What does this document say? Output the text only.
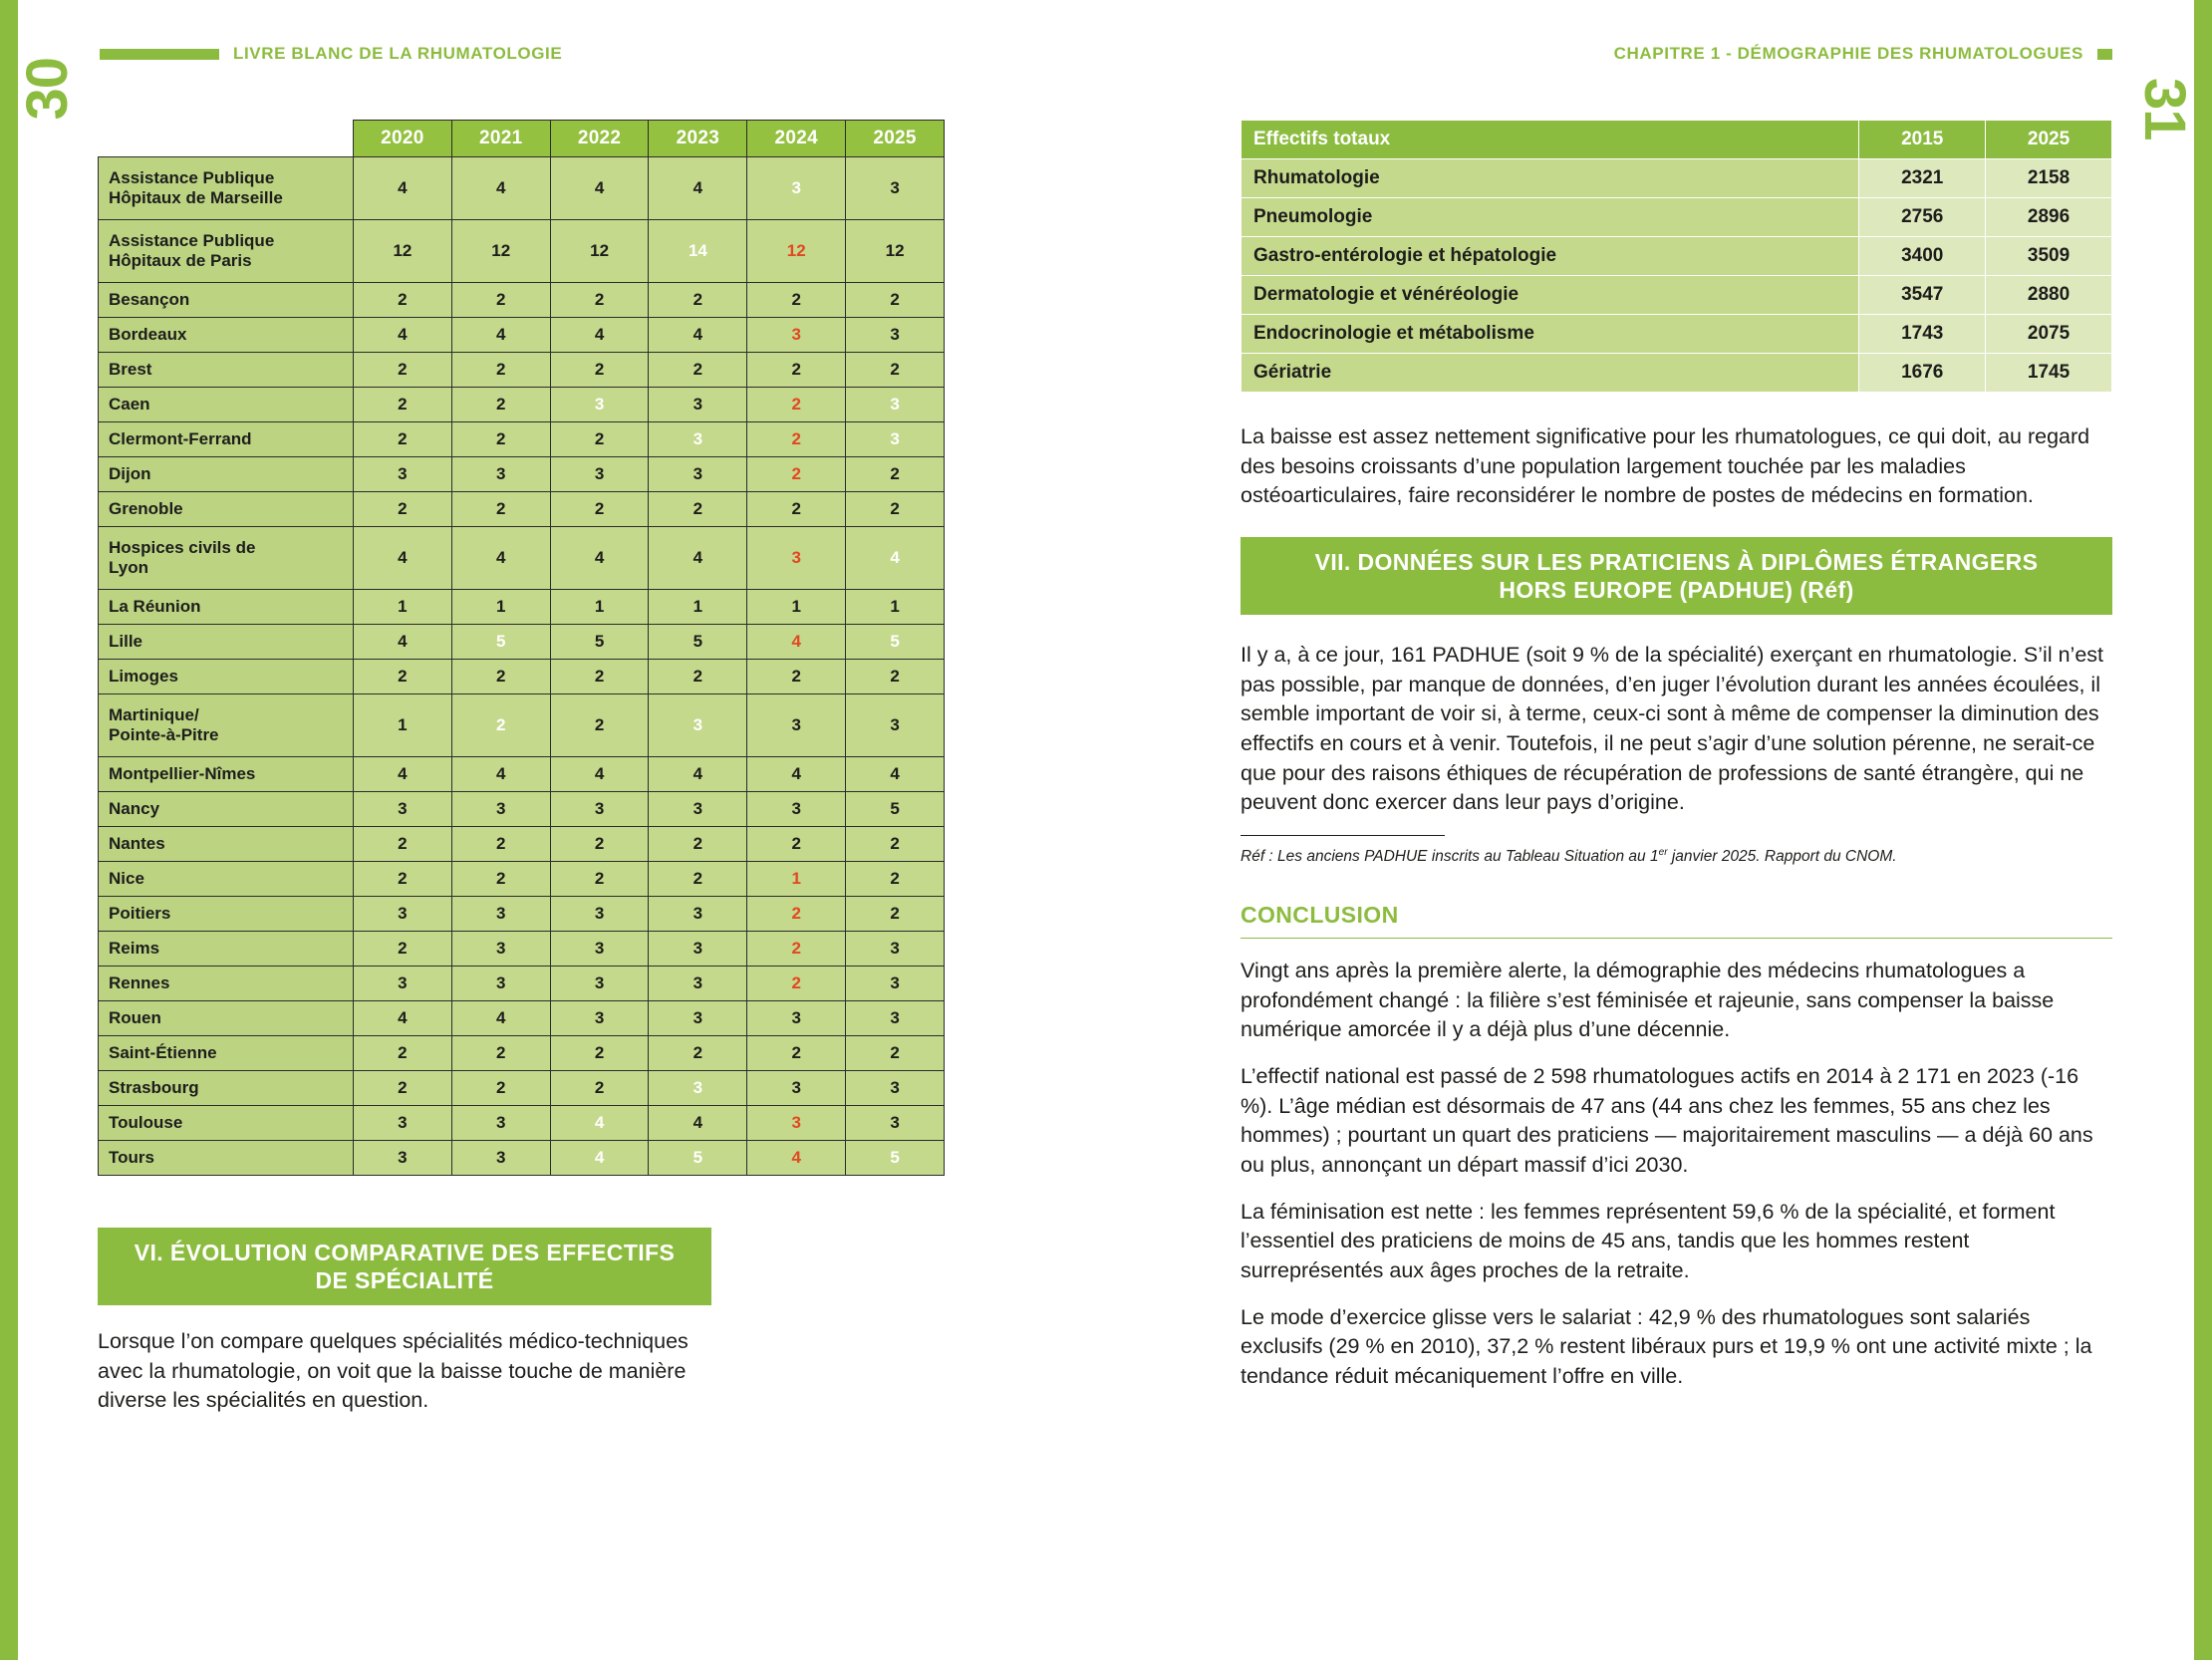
30	31
LIVRE BLANC DE LA RHUMATOLOGIE	CHAPITRE 1 - DÉMOGRAPHIE DES RHUMATOLOGUES
	2020	2021	2022	2023	2024	2025
Assistance Publique
Hôpitaux de Marseille	4	4	4	4	3	3
Assistance Publique
Hôpitaux de Paris	12	12	12	14	12	12
Besançon	2	2	2	2	2	2
Bordeaux	4	4	4	4	3	3
Brest	2	2	2	2	2	2
Caen	2	2	3	3	2	3
Clermont-Ferrand	2	2	2	3	2	3
Dijon	3	3	3	3	2	2
Grenoble	2	2	2	2	2	2
Hospices civils de
Lyon	4	4	4	4	3	4
La Réunion	1	1	1	1	1	1
Lille	4	5	5	5	4	5
Limoges	2	2	2	2	2	2
Martinique/
Pointe-à-Pitre	1	2	2	3	3	3
Montpellier-Nîmes	4	4	4	4	4	4
Nancy	3	3	3	3	3	5
Nantes	2	2	2	2	2	2
Nice	2	2	2	2	1	2
Poitiers	3	3	3	3	2	2
Reims	2	3	3	3	2	3
Rennes	3	3	3	3	2	3
Rouen	4	4	3	3	3	3
Saint-Étienne	2	2	2	2	2	2
Strasbourg	2	2	2	3	3	3
Toulouse	3	3	4	4	3	3
Tours	3	3	4	5	4	5
VI. ÉVOLUTION COMPARATIVE DES EFFECTIFS DE SPÉCIALITÉ

Lorsque l’on compare quelques spécialités médico-techniques avec la rhumatologie, on voit que la baisse touche de manière diverse les spécialités en question.

Effectifs totaux	2015	2025
Rhumatologie	2321	2158
Pneumologie	2756	2896
Gastro-entérologie et hépatologie	3400	3509
Dermatologie et vénéréologie	3547	2880
Endocrinologie et métabolisme	1743	2075
Gériatrie	1676	1745

La baisse est assez nettement significative pour les rhumatologues, ce qui doit, au regard des besoins croissants d’une population largement touchée par les maladies ostéoarticulaires, faire reconsidérer le nombre de postes de médecins en formation.

VII. DONNÉES SUR LES PRATICIENS À DIPLÔMES ÉTRANGERS
HORS EUROPE (PADHUE) (Réf)

Il y a, à ce jour, 161 PADHUE (soit 9 % de la spécialité) exerçant en rhumatologie. S’il n’est pas possible, par manque de données, d’en juger l’évolution durant les années écoulées, il semble important de voir si, à terme, ceux-ci sont à même de compenser la diminution des effectifs en cours et à venir. Toutefois, il ne peut s’agir d’une solution pérenne, ne serait-ce que pour des raisons éthiques de récupération de professions de santé étrangère, qui ne peuvent donc exercer dans leur pays d’origine.

Réf : Les anciens PADHUE inscrits au Tableau Situation au 1er janvier 2025. Rapport du CNOM.
CONCLUSION

Vingt ans après la première alerte, la démographie des médecins rhumatologues a profondément changé : la filière s’est féminisée et rajeunie, sans compenser la baisse numérique amorcée il y a déjà plus d’une décennie.

L’effectif national est passé de 2 598 rhumatologues actifs en 2014 à 2 171 en 2023 (-16 %). L’âge médian est désormais de 47 ans (44 ans chez les femmes, 55 ans chez les hommes) ; pourtant un quart des praticiens — majoritairement masculins — a déjà 60 ans ou plus, annonçant un départ massif d’ici 2030.

La féminisation est nette : les femmes représentent 59,6 % de la spécialité, et forment l’essentiel des praticiens de moins de 45 ans, tandis que les hommes restent surreprésentés aux âges proches de la retraite.

Le mode d’exercice glisse vers le salariat : 42,9 % des rhumatologues sont salariés exclusifs (29 % en 2010), 37,2 % restent libéraux purs et 19,9 % ont une activité mixte ; la tendance réduit mécaniquement l’offre en ville.
